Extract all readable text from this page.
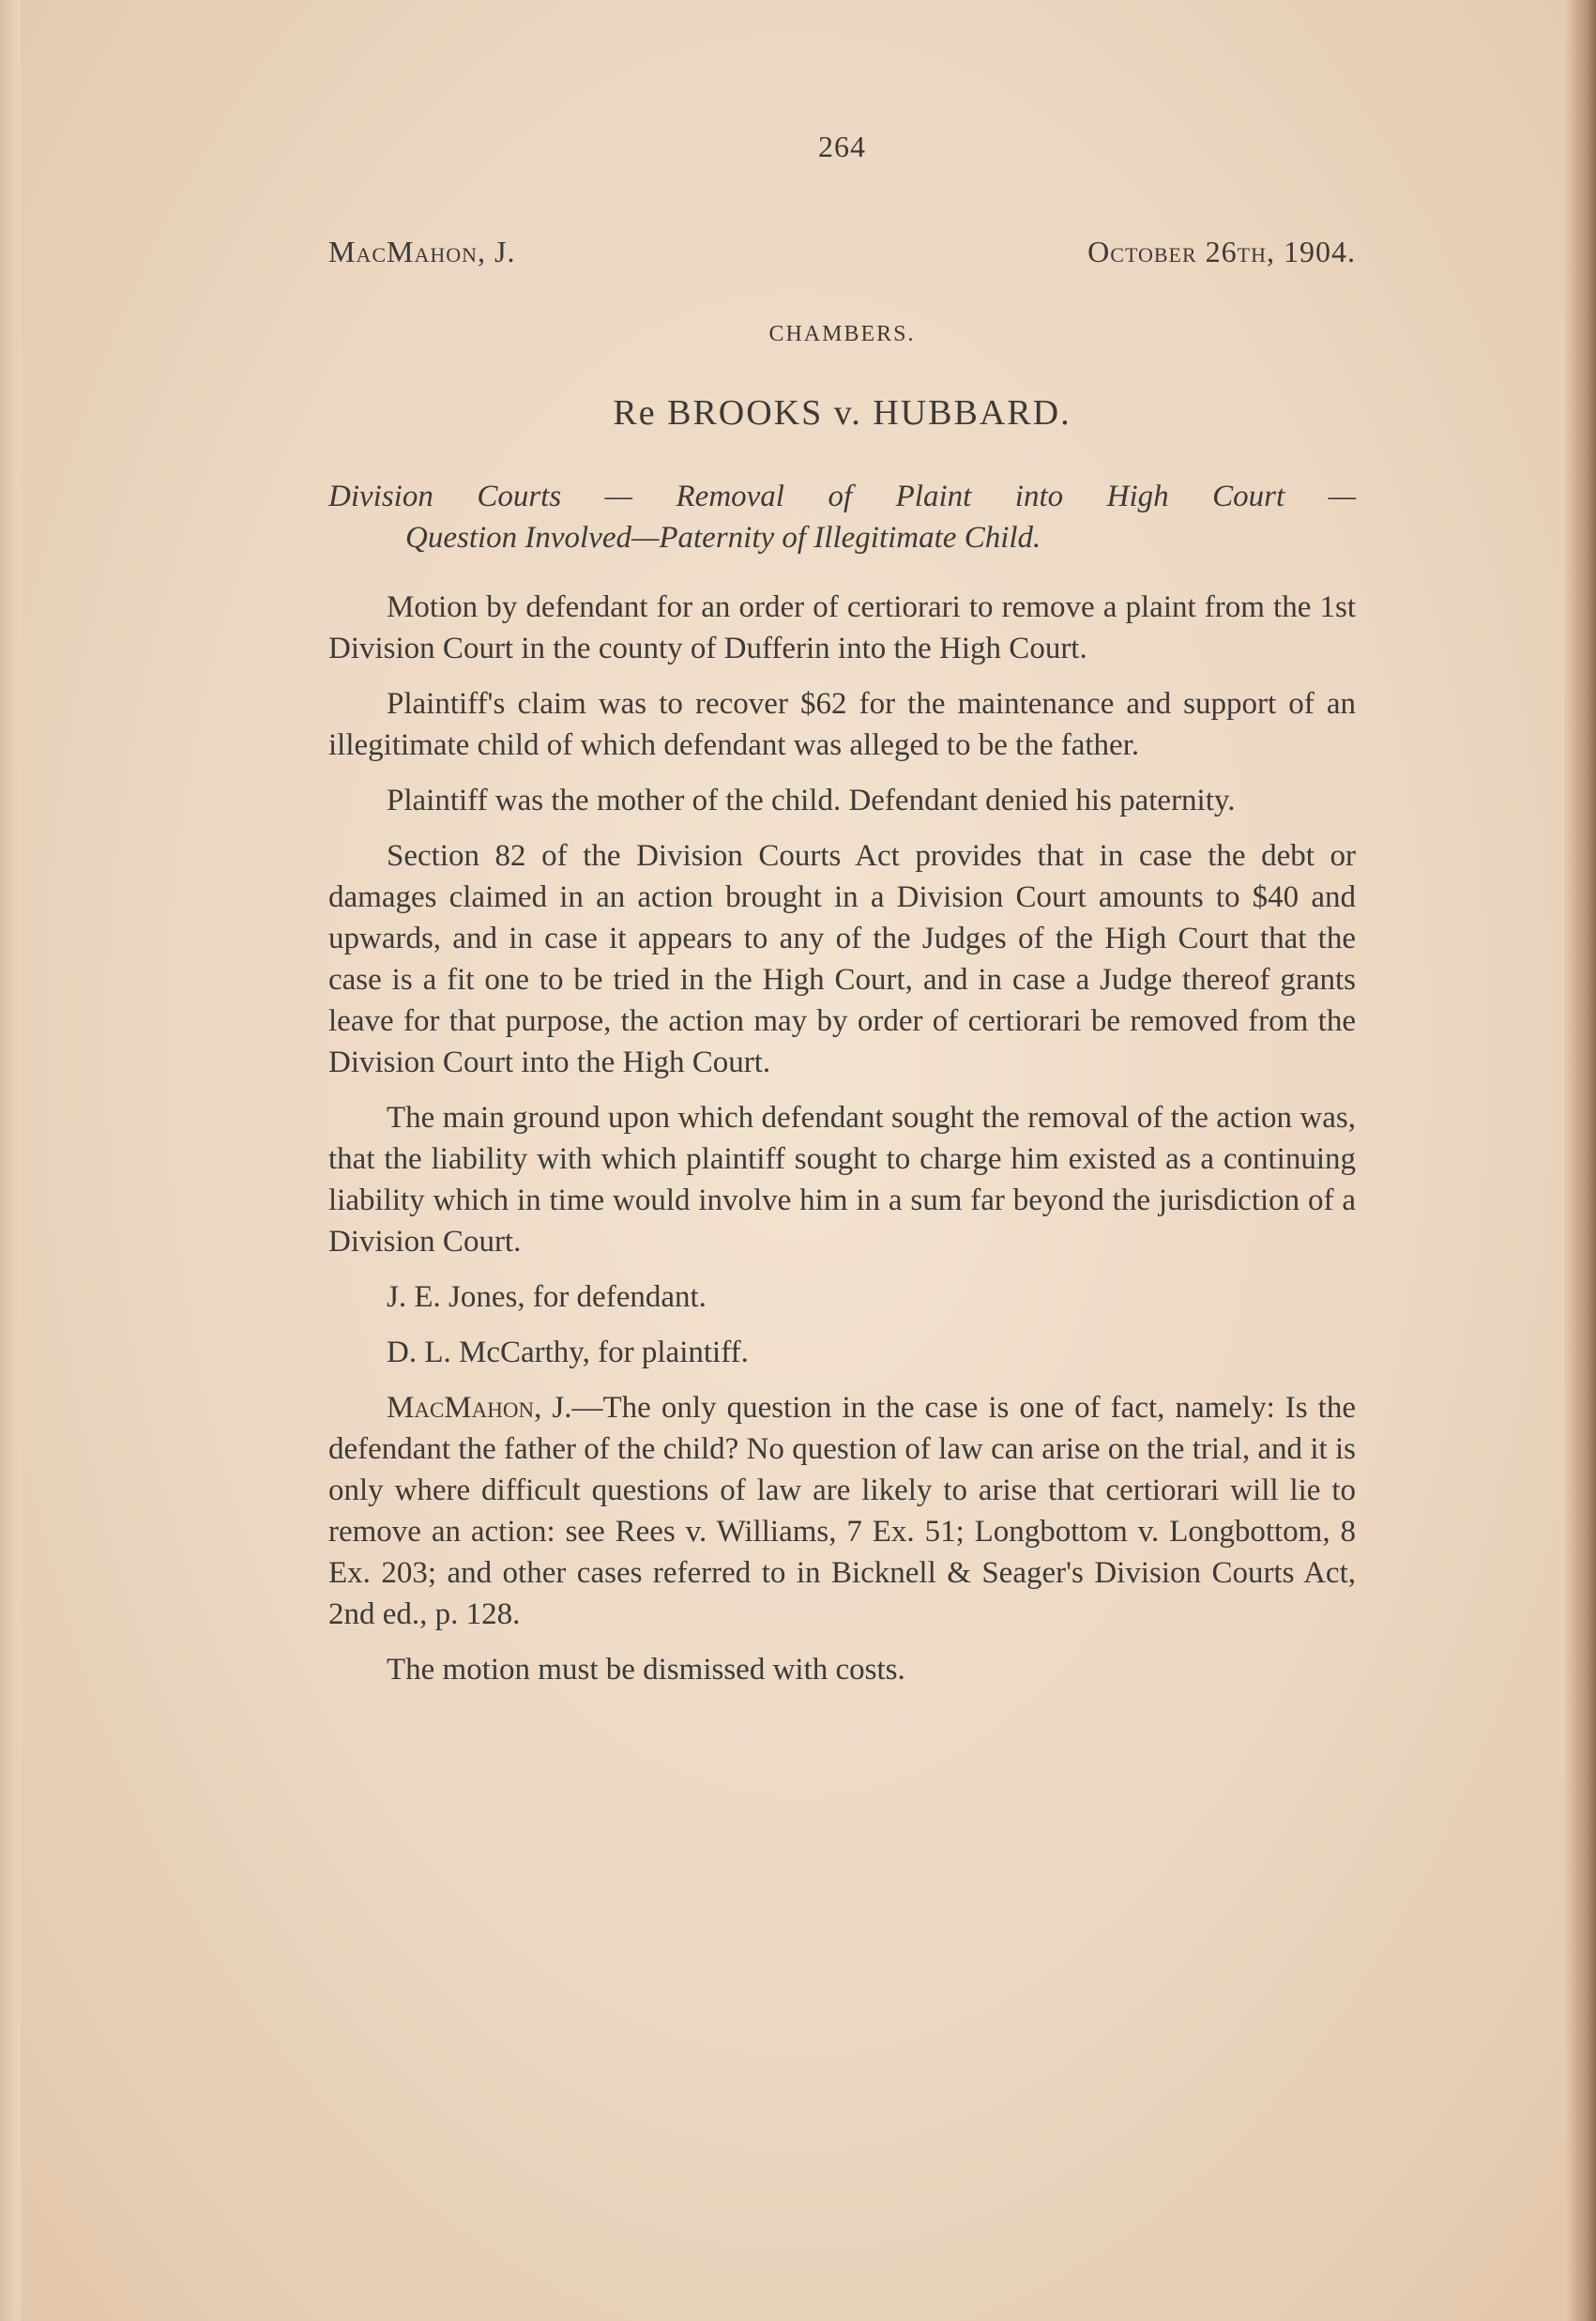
264
MacMahon, J.	October 26th, 1904.
CHAMBERS.
Re BROOKS v. HUBBARD.
Division Courts — Removal of Plaint into High Court —
Question Involved—Paternity of Illegitimate Child.

Motion by defendant for an order of certiorari to remove a plaint from the 1st Division Court in the county of Dufferin into the High Court.

Plaintiff's claim was to recover $62 for the maintenance and support of an illegitimate child of which defendant was alleged to be the father.

Plaintiff was the mother of the child. Defendant denied his paternity.

Section 82 of the Division Courts Act provides that in case the debt or damages claimed in an action brought in a Division Court amounts to $40 and upwards, and in case it appears to any of the Judges of the High Court that the case is a fit one to be tried in the High Court, and in case a Judge thereof grants leave for that purpose, the action may by order of certiorari be removed from the Division Court into the High Court.

The main ground upon which defendant sought the removal of the action was, that the liability with which plaintiff sought to charge him existed as a continuing liability which in time would involve him in a sum far beyond the jurisdiction of a Division Court.

J. E. Jones, for defendant.

D. L. McCarthy, for plaintiff.

MacMahon, J.—The only question in the case is one of fact, namely: Is the defendant the father of the child? No question of law can arise on the trial, and it is only where difficult questions of law are likely to arise that certiorari will lie to remove an action: see Rees v. Williams, 7 Ex. 51; Longbottom v. Longbottom, 8 Ex. 203; and other cases referred to in Bicknell & Seager's Division Courts Act, 2nd ed., p. 128.

The motion must be dismissed with costs.
